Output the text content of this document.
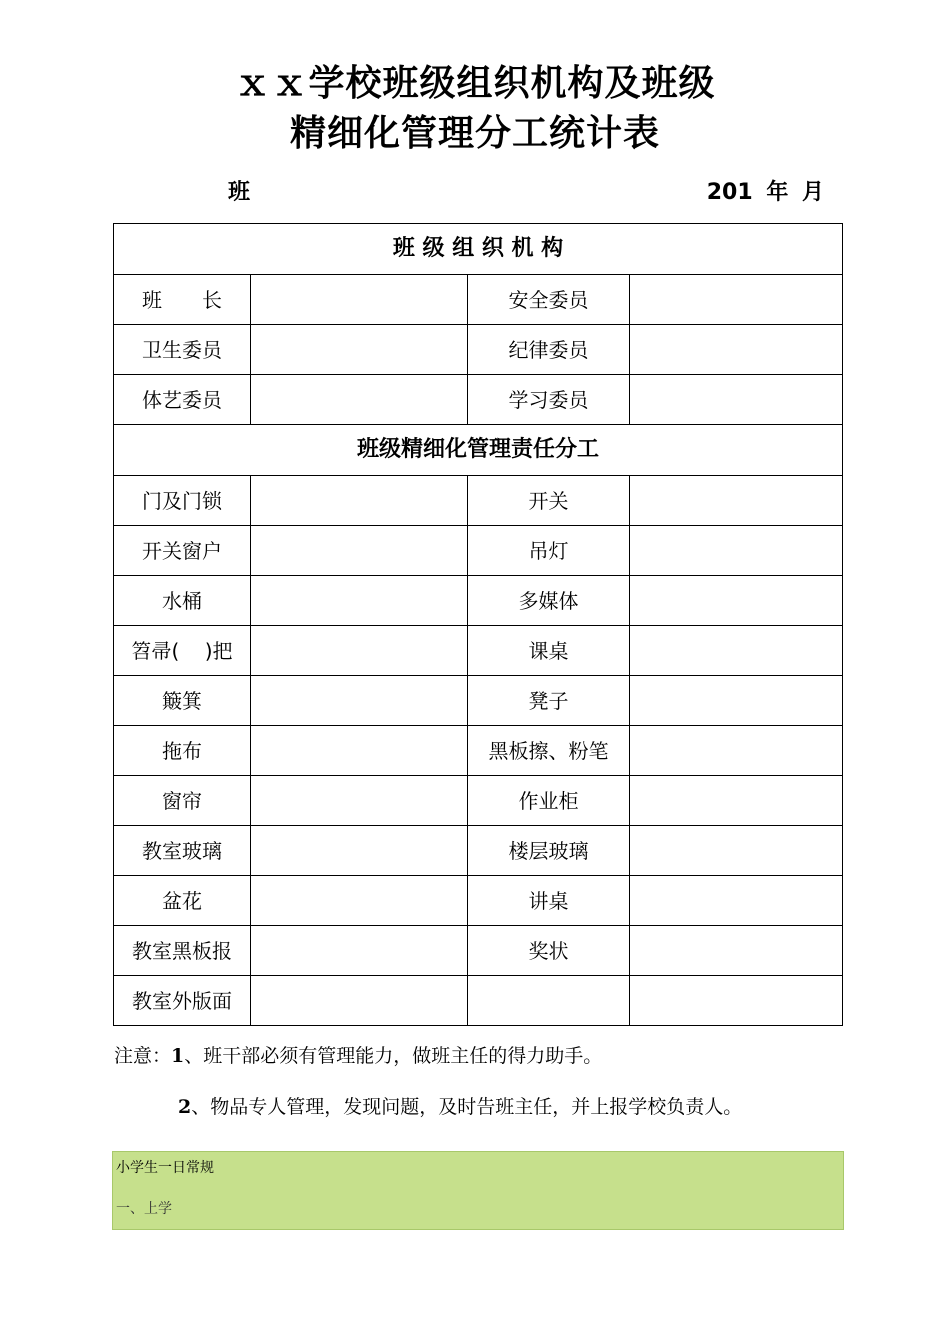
ｘｘ学校班级组织机构及班级
精细化管理分工统计表
班	201 年 月
班 级 组 织 机 构			
班　　长		安全委员	
卫生委员		纪律委员	
体艺委员		学习委员	
班级精细化管理责任分工			
门及门锁		开关	
开关窗户		吊灯	
水桶		多媒体	
笤帚(    )把		课桌	
簸箕		凳子	
拖布		黑板擦、粉笔	
窗帘		作业柜	
教室玻璃		楼层玻璃	
盆花		讲桌	
教室黑板报		奖状	
教室外版面			
注意：1、班干部必须有管理能力，做班主任的得力助手。
2、物品专人管理，发现问题，及时告班主任，并上报学校负责人。
小学生一日常规
一、上学
